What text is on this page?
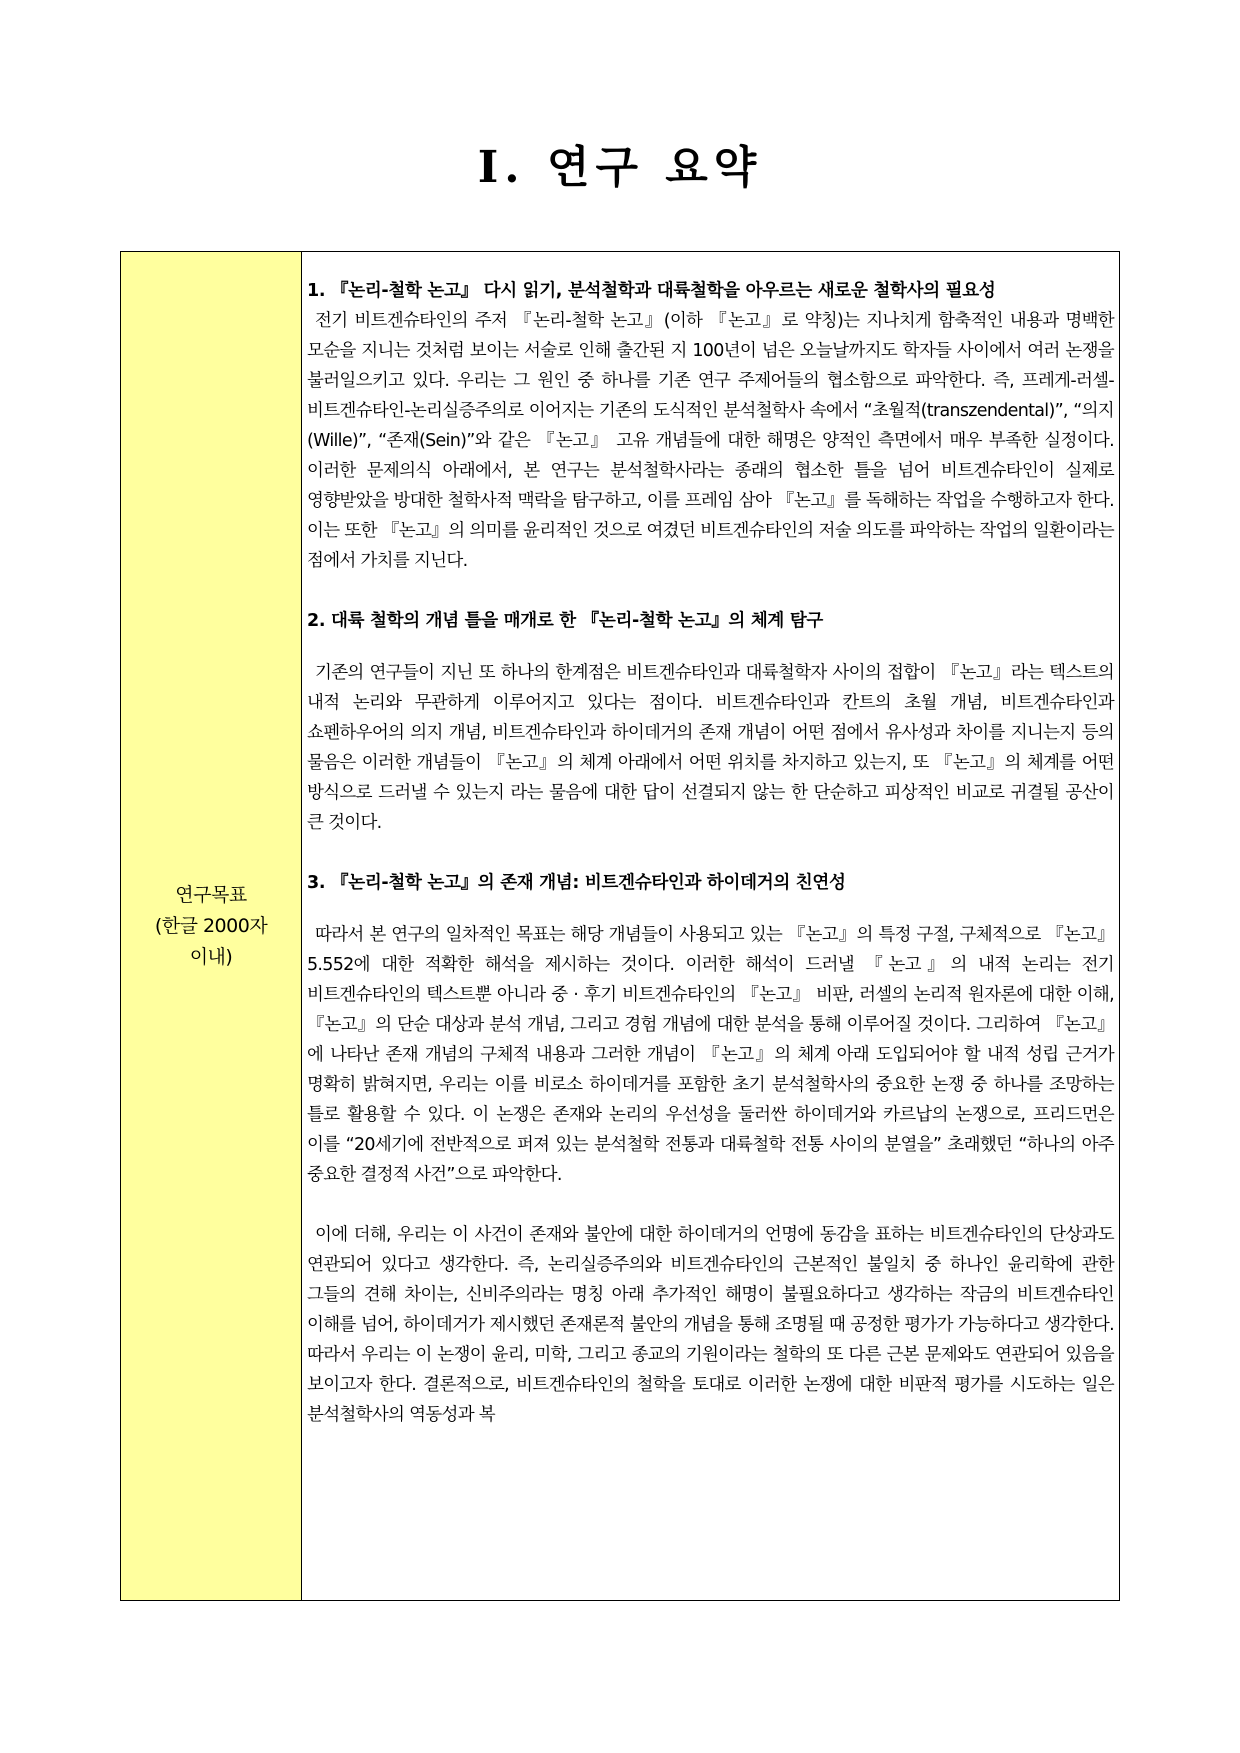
Ⅰ. 연구 요약
연구목표
(한글 2000자
이내)

1. 『논리-철학 논고』 다시 읽기, 분석철학과 대륙철학을 아우르는 새로운 철학사의 필요성

전기 비트겐슈타인의 주저 『논리-철학 논고』(이하 『논고』로 약칭)는 지나치게 함축적인 내용과 명백한 모순을 지니는 것처럼 보이는 서술로 인해 출간된 지 100년이 넘은 오늘날까지도 학자들 사이에서 여러 논쟁을 불러일으키고 있다. 우리는 그 원인 중 하나를 기존 연구 주제어들의 협소함으로 파악한다. 즉, 프레게-러셀-비트겐슈타인-논리실증주의로 이어지는 기존의 도식적인 분석철학사 속에서 “초월적(transzendental)”, “의지(Wille)”, “존재(Sein)”와 같은 『논고』 고유 개념들에 대한 해명은 양적인 측면에서 매우 부족한 실정이다. 이러한 문제의식 아래에서, 본 연구는 분석철학사라는 종래의 협소한 틀을 넘어 비트겐슈타인이 실제로 영향받았을 방대한 철학사적 맥락을 탐구하고, 이를 프레임 삼아 『논고』를 독해하는 작업을 수행하고자 한다. 이는 또한 『논고』의 의미를 윤리적인 것으로 여겼던 비트겐슈타인의 저술 의도를 파악하는 작업의 일환이라는 점에서 가치를 지닌다.

2. 대륙 철학의 개념 틀을 매개로 한 『논리-철학 논고』의 체계 탐구

기존의 연구들이 지닌 또 하나의 한계점은 비트겐슈타인과 대륙철학자 사이의 접합이 『논고』라는 텍스트의 내적 논리와 무관하게 이루어지고 있다는 점이다. 비트겐슈타인과 칸트의 초월 개념, 비트겐슈타인과 쇼펜하우어의 의지 개념, 비트겐슈타인과 하이데거의 존재 개념이 어떤 점에서 유사성과 차이를 지니는지 등의 물음은 이러한 개념들이 『논고』의 체계 아래에서 어떤 위치를 차지하고 있는지, 또 『논고』의 체계를 어떤 방식으로 드러낼 수 있는지 라는 물음에 대한 답이 선결되지 않는 한 단순하고 피상적인 비교로 귀결될 공산이 큰 것이다.

3. 『논리-철학 논고』의 존재 개념: 비트겐슈타인과 하이데거의 친연성

따라서 본 연구의 일차적인 목표는 해당 개념들이 사용되고 있는 『논고』의 특정 구절, 구체적으로 『논고』 5.552에 대한 적확한 해석을 제시하는 것이다. 이러한 해석이 드러낼 『논고』의 내적 논리는 전기 비트겐슈타인의 텍스트뿐 아니라 중 · 후기 비트겐슈타인의 『논고』 비판, 러셀의 논리적 원자론에 대한 이해, 『논고』의 단순 대상과 분석 개념, 그리고 경험 개념에 대한 분석을 통해 이루어질 것이다. 그리하여 『논고』에 나타난 존재 개념의 구체적 내용과 그러한 개념이 『논고』의 체계 아래 도입되어야 할 내적 성립 근거가 명확히 밝혀지면, 우리는 이를 비로소 하이데거를 포함한 초기 분석철학사의 중요한 논쟁 중 하나를 조망하는 틀로 활용할 수 있다. 이 논쟁은 존재와 논리의 우선성을 둘러싼 하이데거와 카르납의 논쟁으로, 프리드먼은 이를 “20세기에 전반적으로 퍼져 있는 분석철학 전통과 대륙철학 전통 사이의 분열을” 초래했던 “하나의 아주 중요한 결정적 사건”으로 파악한다.

이에 더해, 우리는 이 사건이 존재와 불안에 대한 하이데거의 언명에 동감을 표하는 비트겐슈타인의 단상과도 연관되어 있다고 생각한다. 즉, 논리실증주의와 비트겐슈타인의 근본적인 불일치 중 하나인 윤리학에 관한 그들의 견해 차이는, 신비주의라는 명칭 아래 추가적인 해명이 불필요하다고 생각하는 작금의 비트겐슈타인 이해를 넘어, 하이데거가 제시했던 존재론적 불안의 개념을 통해 조명될 때 공정한 평가가 가능하다고 생각한다. 따라서 우리는 이 논쟁이 윤리, 미학, 그리고 종교의 기원이라는 철학의 또 다른 근본 문제와도 연관되어 있음을 보이고자 한다. 결론적으로, 비트겐슈타인의 철학을 토대로 이러한 논쟁에 대한 비판적 평가를 시도하는 일은 분석철학사의 역동성과 복
